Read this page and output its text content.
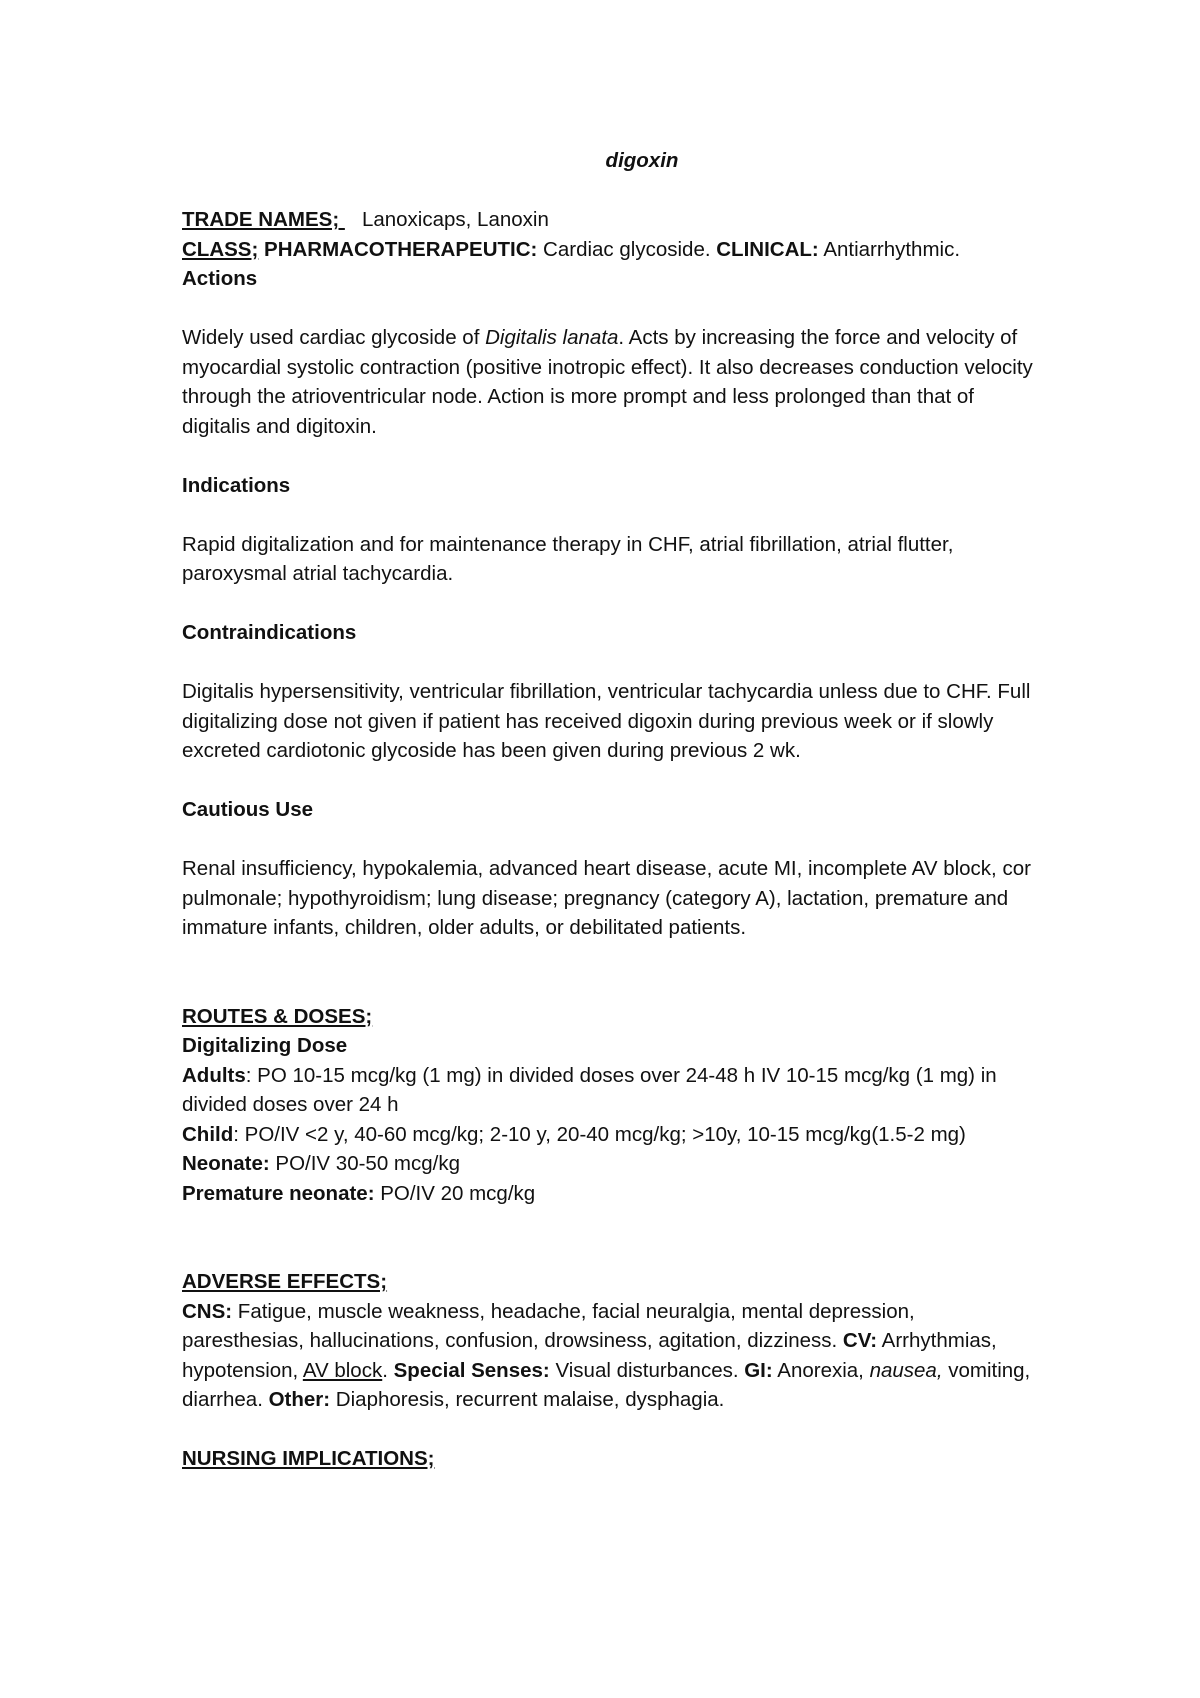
digoxin

TRADE NAMES;    Lanoxicaps, Lanoxin

CLASS; PHARMACOTHERAPEUTIC: Cardiac glycoside. CLINICAL: Antiarrhythmic.

Actions

Widely used cardiac glycoside of Digitalis lanata. Acts by increasing the force and velocity of myocardial systolic contraction (positive inotropic effect). It also decreases conduction velocity through the atrioventricular node. Action is more prompt and less prolonged than that of digitalis and digitoxin.

Indications

Rapid digitalization and for maintenance therapy in CHF, atrial fibrillation, atrial flutter, paroxysmal atrial tachycardia.

Contraindications

Digitalis hypersensitivity, ventricular fibrillation, ventricular tachycardia unless due to CHF. Full digitalizing dose not given if patient has received digoxin during previous week or if slowly excreted cardiotonic glycoside has been given during previous 2 wk.

Cautious Use

Renal insufficiency, hypokalemia, advanced heart disease, acute MI, incomplete AV block, cor pulmonale; hypothyroidism; lung disease; pregnancy (category A), lactation, premature and immature infants, children, older adults, or debilitated patients.

ROUTES & DOSES;

Digitalizing Dose

Adults: PO 10-15 mcg/kg (1 mg) in divided doses over 24-48 h IV 10-15 mcg/kg (1 mg) in divided doses over 24 h

Child: PO/IV <2 y, 40-60 mcg/kg; 2-10 y, 20-40 mcg/kg; >10y, 10-15 mcg/kg(1.5-2 mg)

Neonate: PO/IV 30-50 mcg/kg

Premature neonate: PO/IV 20 mcg/kg

ADVERSE EFFECTS;

CNS: Fatigue, muscle weakness, headache, facial neuralgia, mental depression, paresthesias, hallucinations, confusion, drowsiness, agitation, dizziness. CV: Arrhythmias, hypotension, AV block. Special Senses: Visual disturbances. GI: Anorexia, nausea, vomiting, diarrhea. Other: Diaphoresis, recurrent malaise, dysphagia.

NURSING IMPLICATIONS;
